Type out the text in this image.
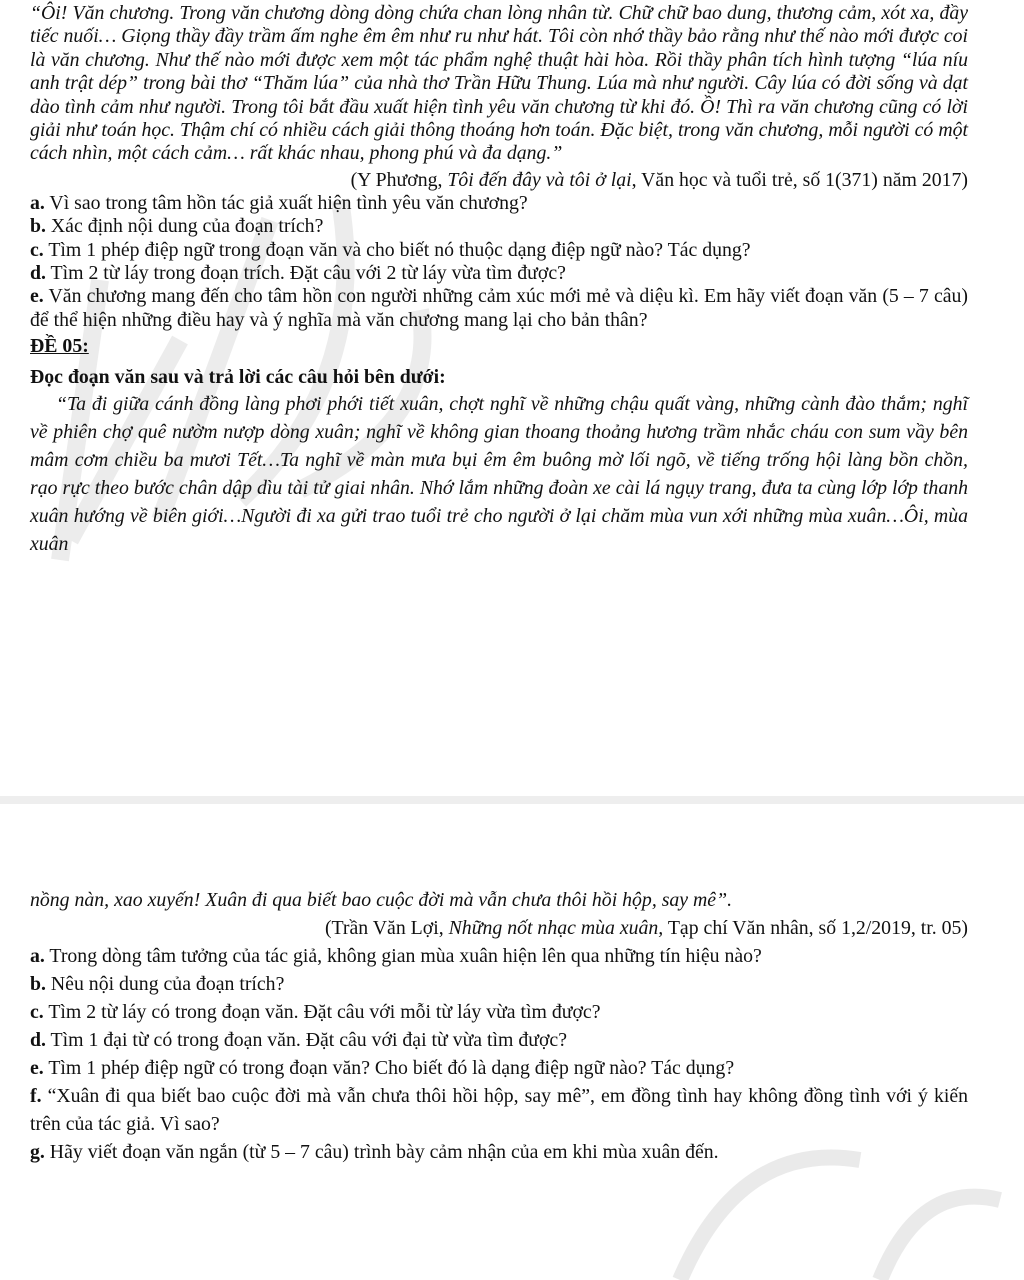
“Ôi! Văn chương. Trong văn chương dòng dòng chứa chan lòng nhân từ. Chữ chữ bao dung, thương cảm, xót xa, đầy tiếc nuối… Giọng thầy đầy trầm ấm nghe êm êm như ru như hát. Tôi còn nhớ thầy bảo rằng như thế nào mới được coi là văn chương. Như thế nào mới được xem một tác phẩm nghệ thuật hài hòa. Rồi thầy phân tích hình tượng “lúa níu anh trật dép” trong bài thơ “Thăm lúa” của nhà thơ Trần Hữu Thung. Lúa mà như người. Cây lúa có đời sống và dạt dào tình cảm như người. Trong tôi bắt đầu xuất hiện tình yêu văn chương từ khi đó. Ồ! Thì ra văn chương cũng có lời giải như toán học. Thậm chí có nhiều cách giải thông thoáng hơn toán. Đặc biệt, trong văn chương, mỗi người có một cách nhìn, một cách cảm… rất khác nhau, phong phú và đa dạng.”

(Y Phương, Tôi đến đây và tôi ở lại, Văn học và tuổi trẻ, số 1(371) năm 2017)

a. Vì sao trong tâm hồn tác giả xuất hiện tình yêu văn chương?

b. Xác định nội dung của đoạn trích?

c. Tìm 1 phép điệp ngữ trong đoạn văn và cho biết nó thuộc dạng điệp ngữ nào? Tác dụng?

d. Tìm 2 từ láy trong đoạn trích. Đặt câu với 2 từ láy vừa tìm được?

e. Văn chương mang đến cho tâm hồn con người những cảm xúc mới mẻ và diệu kì. Em hãy viết đoạn văn (5 – 7 câu) để thể hiện những điều hay và ý nghĩa mà văn chương mang lại cho bản thân?

ĐỀ 05:

Đọc đoạn văn sau và trả lời các câu hỏi bên dưới:

“Ta đi giữa cánh đồng làng phơi phới tiết xuân, chợt nghĩ về những chậu quất vàng, những cành đào thắm; nghĩ về phiên chợ quê nườm nượp dòng xuân; nghĩ về không gian thoang thoảng hương trầm nhắc cháu con sum vầy bên mâm cơm chiều ba mươi Tết…Ta nghĩ về màn mưa bụi êm êm buông mờ lối ngõ, về tiếng trống hội làng bồn chồn, rạo rực theo bước chân dập dìu tài tử giai nhân. Nhớ lắm những đoàn xe cài lá ngụy trang, đưa ta cùng lớp lớp thanh xuân hướng về biên giới…Người đi xa gửi trao tuổi trẻ cho người ở lại chăm mùa vun xới những mùa xuân…Ôi, mùa xuân

nồng nàn, xao xuyến! Xuân đi qua biết bao cuộc đời mà vẫn chưa thôi hồi hộp, say mê”.

(Trần Văn Lợi, Những nốt nhạc mùa xuân, Tạp chí Văn nhân, số 1,2/2019, tr. 05)

a. Trong dòng tâm tưởng của tác giả, không gian mùa xuân hiện lên qua những tín hiệu nào?

b. Nêu nội dung của đoạn trích?

c. Tìm 2 từ láy có trong đoạn văn. Đặt câu với mỗi từ láy vừa tìm được?

d. Tìm 1 đại từ có trong đoạn văn. Đặt câu với đại từ vừa tìm được?

e. Tìm 1 phép điệp ngữ có trong đoạn văn? Cho biết đó là dạng điệp ngữ nào? Tác dụng?

f. “Xuân đi qua biết bao cuộc đời mà vẫn chưa thôi hồi hộp, say mê”, em đồng tình hay không đồng tình với ý kiến trên của tác giả. Vì sao?

g. Hãy viết đoạn văn ngắn (từ 5 – 7 câu) trình bày cảm nhận của em khi mùa xuân đến.
